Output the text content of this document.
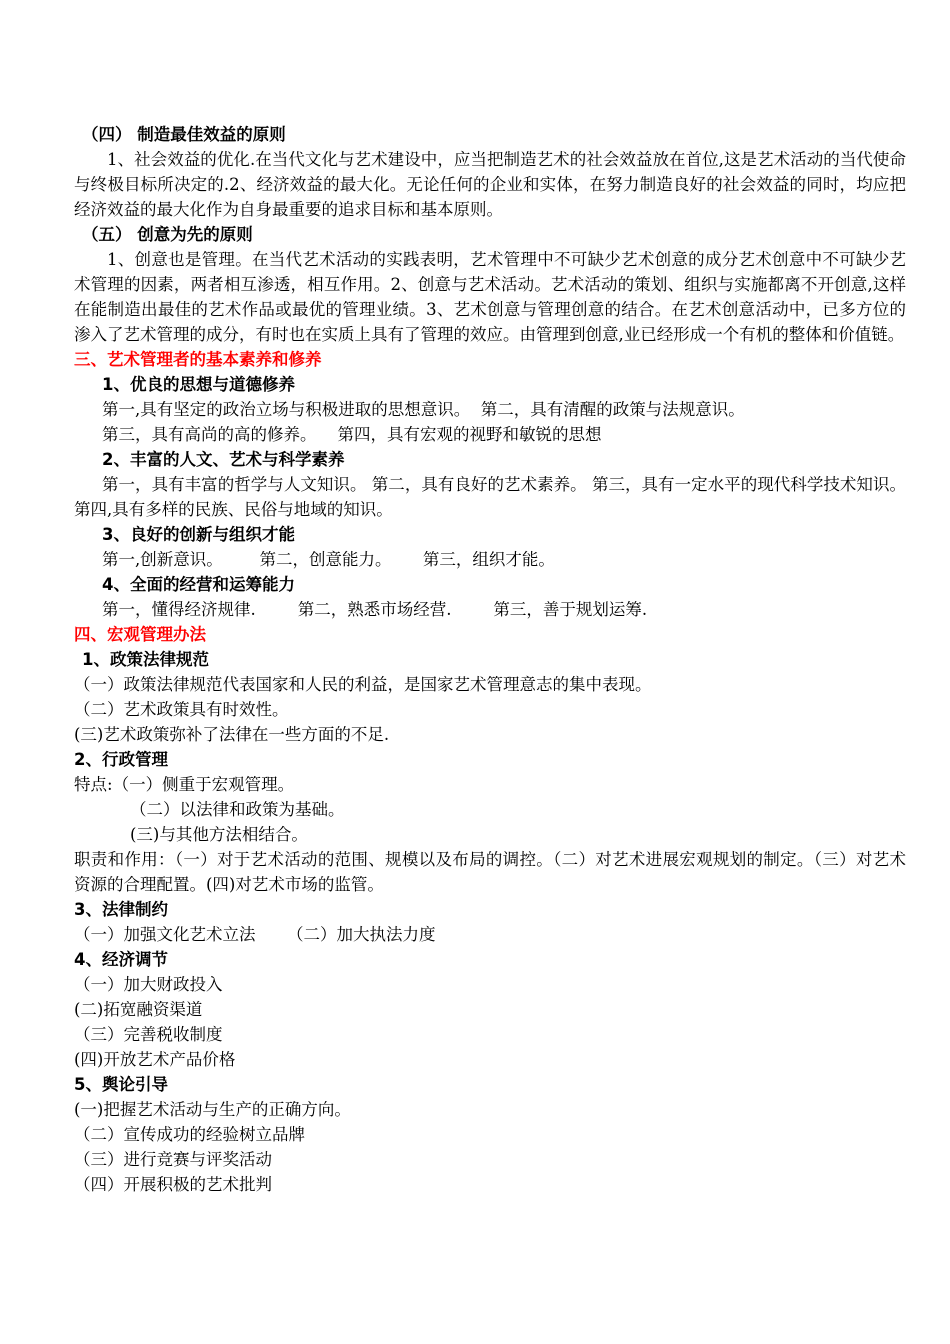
（四） 制造最佳效益的原则
1、社会效益的优化.在当代文化与艺术建设中，应当把制造艺术的社会效益放在首位,这是艺术活动的当代使命与终极目标所决定的.2、经济效益的最大化。无论任何的企业和实体，在努力制造良好的社会效益的同时，均应把经济效益的最大化作为自身最重要的追求目标和基本原则。
（五） 创意为先的原则
1、创意也是管理。在当代艺术活动的实践表明，艺术管理中不可缺少艺术创意的成分艺术创意中不可缺少艺术管理的因素，两者相互渗透，相互作用。2、创意与艺术活动。艺术活动的策划、组织与实施都离不开创意,这样在能制造出最佳的艺术作品或最优的管理业绩。3、艺术创意与管理创意的结合。在艺术创意活动中，已多方位的渗入了艺术管理的成分，有时也在实质上具有了管理的效应。由管理到创意,业已经形成一个有机的整体和价值链。
三、艺术管理者的基本素养和修养
1、优良的思想与道德修养
第一,具有坚定的政治立场与积极进取的思想意识。  第二，具有清醒的政策与法规意识。
第三，具有高尚的高的修养。    第四，具有宏观的视野和敏锐的思想
2、丰富的人文、艺术与科学素养
第一，具有丰富的哲学与人文知识。 第二，具有良好的艺术素养。 第三，具有一定水平的现代科学技术知识。 第四,具有多样的民族、民俗与地域的知识。
3、良好的创新与组织才能
第一,创新意识。       第二，创意能力。      第三，组织才能。
4、全面的经营和运筹能力
第一，懂得经济规律.        第二，熟悉市场经营.        第三，善于规划运筹.
四、宏观管理办法
1、政策法律规范
（一）政策法律规范代表国家和人民的利益，是国家艺术管理意志的集中表现。
（二）艺术政策具有时效性。
(三)艺术政策弥补了法律在一些方面的不足.
2、行政管理
特点:（一）侧重于宏观管理。
（二）以法律和政策为基础。
(三)与其他方法相结合。
职责和作用：（一）对于艺术活动的范围、规模以及布局的调控。（二）对艺术进展宏观规划的制定。（三）对艺术资源的合理配置。(四)对艺术市场的监管。
3、法律制约
（一）加强文化艺术立法      （二）加大执法力度
4、经济调节
（一）加大财政投入
(二)拓宽融资渠道
（三）完善税收制度
(四)开放艺术产品价格
5、舆论引导
(一)把握艺术活动与生产的正确方向。
（二）宣传成功的经验树立品牌
（三）进行竞赛与评奖活动
（四）开展积极的艺术批判
